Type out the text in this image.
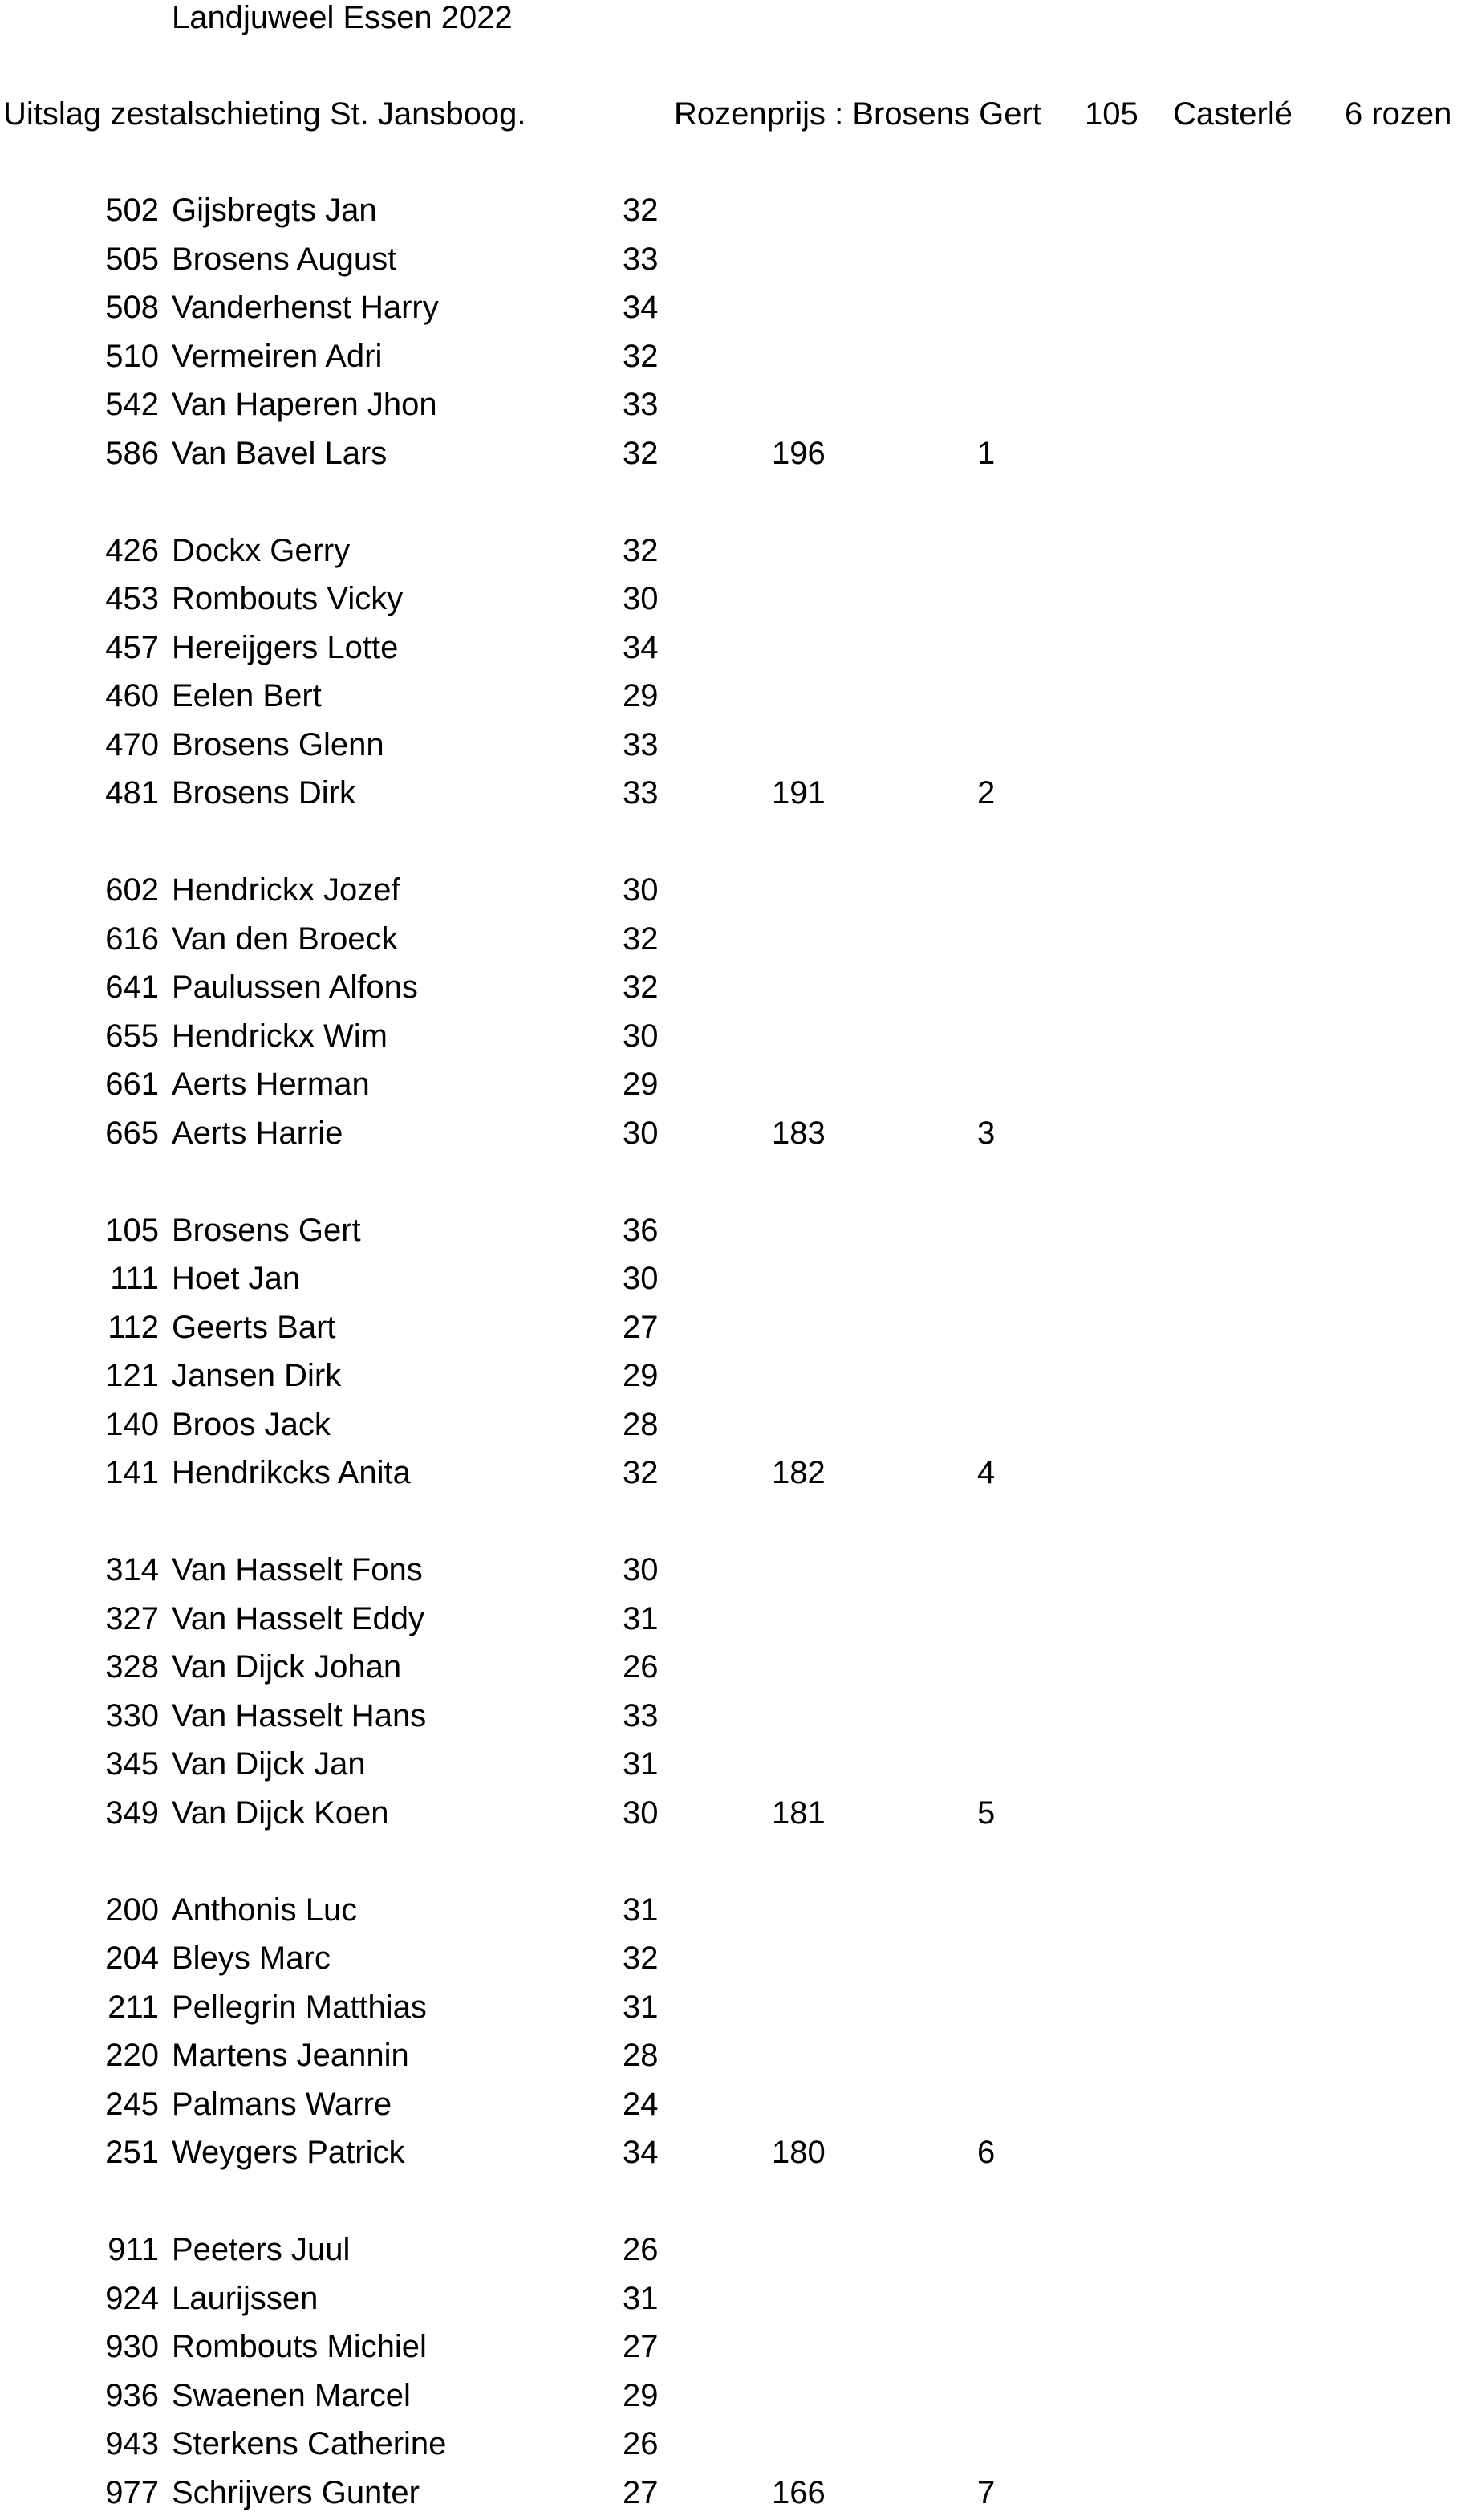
Landjuweel Essen 2022
Uitslag zestalschieting St. Jansboog.	Rozenprijs : Brosens Gert 105 Casterlé 6 rozen
502 Gijsbregts Jan	32
505 Brosens August	33
508 Vanderhenst Harry	34
510 Vermeiren Adri	32
542 Van Haperen Jhon	33
586 Van Bavel Lars	32	196	1
426 Dockx Gerry	32
453 Rombouts Vicky	30
457 Hereijgers Lotte	34
460 Eelen Bert	29
470 Brosens Glenn	33
481 Brosens Dirk	33	191	2
602 Hendrickx Jozef	30
616 Van den Broeck	32
641 Paulussen Alfons	32
655 Hendrickx Wim	30
661 Aerts Herman	29
665 Aerts Harrie	30	183	3
105 Brosens Gert	36
111 Hoet Jan	30
112 Geerts Bart	27
121 Jansen Dirk	29
140 Broos Jack	28
141 Hendrikcks Anita	32	182	4
314 Van Hasselt Fons	30
327 Van Hasselt Eddy	31
328 Van Dijck Johan	26
330 Van Hasselt Hans	33
345 Van Dijck Jan	31
349 Van Dijck Koen	30	181	5
200 Anthonis Luc	31
204 Bleys Marc	32
211 Pellegrin Matthias	31
220 Martens Jeannin	28
245 Palmans Warre	24
251 Weygers Patrick	34	180	6
911 Peeters Juul	26
924 Laurijssen	31
930 Rombouts Michiel	27
936 Swaenen Marcel	29
943 Sterkens Catherine	26
977 Schrijvers Gunter	27	166	7
